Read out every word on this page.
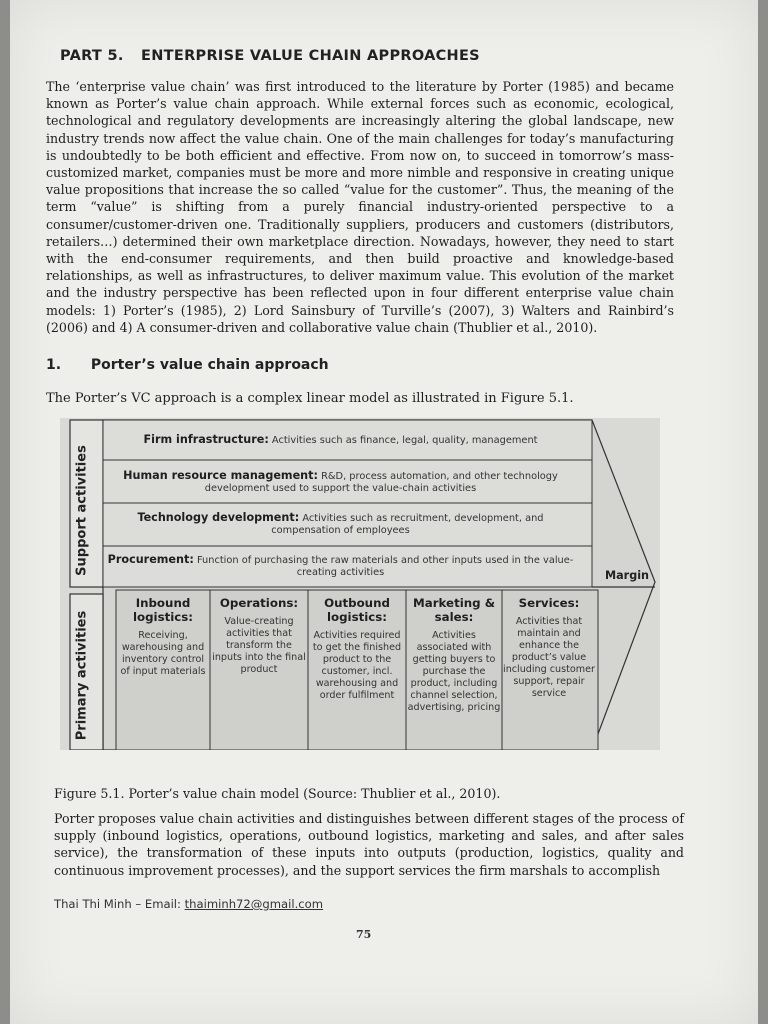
PART 5. ENTERPRISE VALUE CHAIN APPROACHES
The ‘enterprise value chain’ was first introduced to the literature by Porter (1985) and became known as Porter’s value chain approach. While external forces such as economic, ecological, technological and regulatory developments are increasingly altering the global landscape, new industry trends now affect the value chain. One of the main challenges for today’s manufacturing is undoubtedly to be both efficient and effective. From now on, to succeed in tomorrow’s mass-customized market, companies must be more and more nimble and responsive in creating unique value propositions that increase the so called “value for the customer”. Thus, the meaning of the term “value” is shifting from a purely financial industry-oriented perspective to a consumer/customer-driven one. Traditionally suppliers, producers and customers (distributors, retailers…) determined their own marketplace direction. Nowadays, however, they need to start with the end-consumer requirements, and then build proactive and knowledge-based relationships, as well as infrastructures, to deliver maximum value. This evolution of the market and the industry perspective has been reflected upon in four different enterprise value chain models: 1) Porter’s (1985), 2) Lord Sainsbury of Turville’s (2007), 3) Walters and Rainbird’s (2006) and 4) A consumer-driven and collaborative value chain (Thublier et al., 2010).
1. Porter’s value chain approach
The Porter’s VC approach is a complex linear model as illustrated in Figure 5.1.
Support activities
Primary activities
Firm infrastructure: Activities such as finance, legal, quality, management
Human resource management: R&D, process automation, and other technology development used to support the value-chain activities
Technology development: Activities such as recruitment, development, and compensation of employees
Procurement: Function of purchasing the raw materials and other inputs used in the value-creating activities	Margin
Inbound logistics:
Receiving, warehousing and inventory control of input materials
Operations:
Value-creating activities that transform the inputs into the final product
Outbound logistics:
Activities required to get the finished product to the customer, incl. warehousing and order fulfilment
Marketing & sales:
Activities associated with getting buyers to purchase the product, including channel selection, advertising, pricing
Services:
Activities that maintain and enhance the product’s value including customer support, repair service
Figure 5.1. Porter’s value chain model (Source: Thublier et al., 2010).
Porter proposes value chain activities and distinguishes between different stages of the process of supply (inbound logistics, operations, outbound logistics, marketing and sales, and after sales service), the transformation of these inputs into outputs (production, logistics, quality and continuous improvement processes), and the support services the firm marshals to accomplish
Thai Thi Minh – Email: thaiminh72@gmail.com
75
